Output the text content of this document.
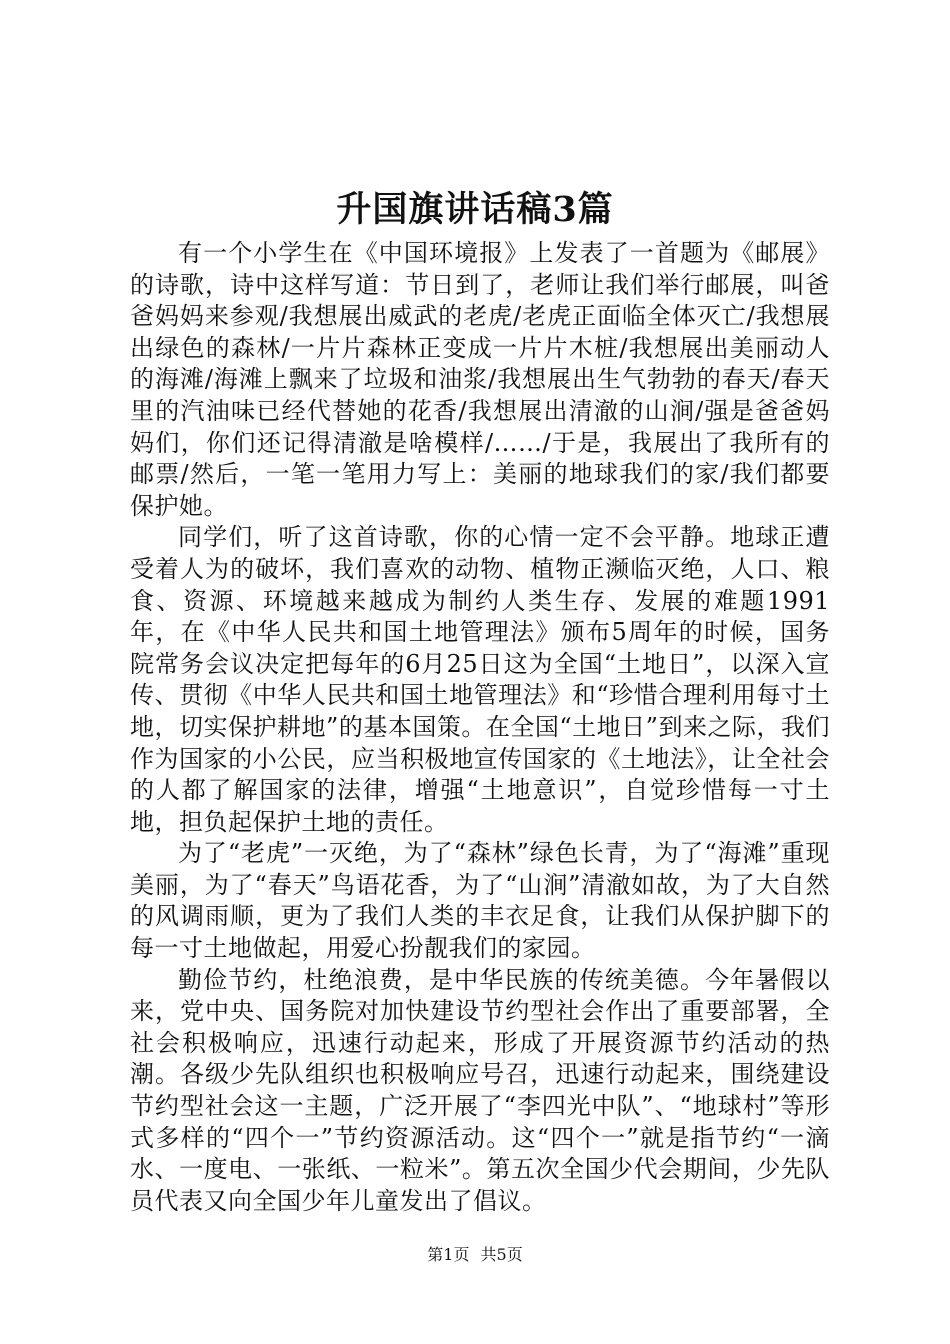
升国旗讲话稿3篇

有一个小学生在《中国环境报》上发表了一首题为《邮展》的诗歌，诗中这样写道：节日到了，老师让我们举行邮展，叫爸爸妈妈来参观/我想展出威武的老虎/老虎正面临全体灭亡/我想展出绿色的森林/一片片森林正变成一片片木桩/我想展出美丽动人的海滩/海滩上飘来了垃圾和油浆/我想展出生气勃勃的春天/春天里的汽油味已经代替她的花香/我想展出清澈的山涧/强是爸爸妈妈们，你们还记得清澈是啥模样/……/于是，我展出了我所有的邮票/然后，一笔一笔用力写上：美丽的地球我们的家/我们都要保护她。

同学们，听了这首诗歌，你的心情一定不会平静。地球正遭受着人为的破坏，我们喜欢的动物、植物正濒临灭绝，人口、粮食、资源、环境越来越成为制约人类生存、发展的难题1991年，在《中华人民共和国土地管理法》颁布5周年的时候，国务院常务会议决定把每年的6月25日这为全国“土地日”，以深入宣传、贯彻《中华人民共和国土地管理法》和“珍惜合理利用每寸土地，切实保护耕地”的基本国策。在全国“土地日”到来之际，我们作为国家的小公民，应当积极地宣传国家的《土地法》，让全社会的人都了解国家的法律，增强“土地意识”，自觉珍惜每一寸土地，担负起保护土地的责任。

为了“老虎”一灭绝，为了“森林”绿色长青，为了“海滩”重现美丽，为了“春天”鸟语花香，为了“山涧”清澈如故，为了大自然的风调雨顺，更为了我们人类的丰衣足食，让我们从保护脚下的每一寸土地做起，用爱心扮靓我们的家园。

勤俭节约，杜绝浪费，是中华民族的传统美德。今年暑假以来，党中央、国务院对加快建设节约型社会作出了重要部署，全社会积极响应，迅速行动起来，形成了开展资源节约活动的热潮。各级少先队组织也积极响应号召，迅速行动起来，围绕建设节约型社会这一主题，广泛开展了“李四光中队”、“地球村”等形式多样的“四个一”节约资源活动。这“四个一”就是指节约“一滴水、一度电、一张纸、一粒米”。第五次全国少代会期间，少先队员代表又向全国少年儿童发出了倡议。

第1页 共5页
